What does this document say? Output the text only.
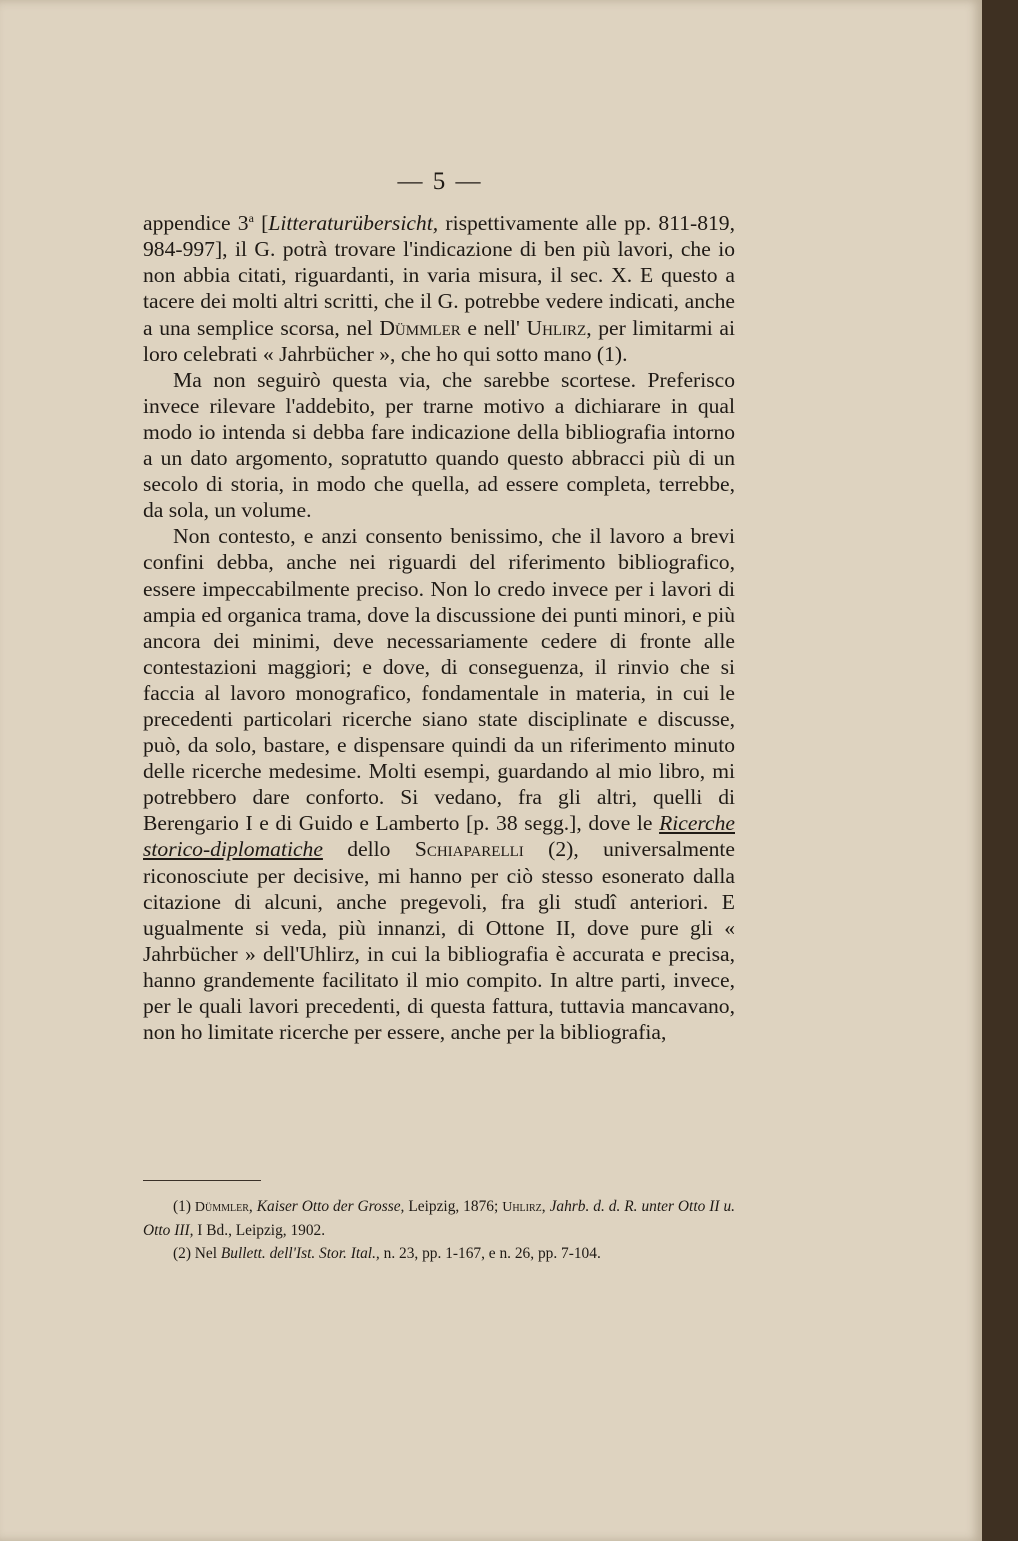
— 5 —

appendice 3$^a$ [Litteraturübersicht, rispettivamente alle pp. 811-819, 984-997], il G. potrà trovare l'indicazione di ben più lavori, che io non abbia citati, riguardanti, in varia misura, il sec. X. E questo a tacere dei molti altri scritti, che il G. potrebbe vedere indicati, anche a una semplice scorsa, nel Dümmler e nell' Uhlirz, per limitarmi ai loro celebrati « Jahrbücher », che ho qui sotto mano (1).

Ma non seguirò questa via, che sarebbe scortese. Preferisco invece rilevare l'addebito, per trarne motivo a dichiarare in qual modo io intenda si debba fare indicazione della bibliografia intorno a un dato argomento, sopratutto quando questo abbracci più di un secolo di storia, in modo che quella, ad essere completa, terrebbe, da sola, un volume.

Non contesto, e anzi consento benissimo, che il lavoro a brevi confini debba, anche nei riguardi del riferimento bibliografico, essere impeccabilmente preciso. Non lo credo invece per i lavori di ampia ed organica trama, dove la discussione dei punti minori, e più ancora dei minimi, deve necessariamente cedere di fronte alle contestazioni maggiori; e dove, di conseguenza, il rinvio che si faccia al lavoro monografico, fondamentale in materia, in cui le precedenti particolari ricerche siano state disciplinate e discusse, può, da solo, bastare, e dispensare quindi da un riferimento minuto delle ricerche medesime. Molti esempi, guardando al mio libro, mi potrebbero dare conforto. Si vedano, fra gli altri, quelli di Berengario I e di Guido e Lamberto [p. 38 segg.], dove le Ricerche storico-diplomatiche dello Schiaparelli (2), universalmente riconosciute per decisive, mi hanno per ciò stesso esonerato dalla citazione di alcuni, anche pregevoli, fra gli studî anteriori. E ugualmente si veda, più innanzi, di Ottone II, dove pure gli « Jahrbücher » dell'Uhlirz, in cui la bibliografia è accurata e precisa, hanno grandemente facilitato il mio compito. In altre parti, invece, per le quali lavori precedenti, di questa fattura, tuttavia mancavano, non ho limitate ricerche per essere, anche per la bibliografia,

(1) Dümmler, Kaiser Otto der Grosse, Leipzig, 1876; Uhlirz, Jahrb. d. d. R. unter Otto II u. Otto III, I Bd., Leipzig, 1902.

(2) Nel Bullett. dell'Ist. Stor. Ital., n. 23, pp. 1-167, e n. 26, pp. 7-104.
